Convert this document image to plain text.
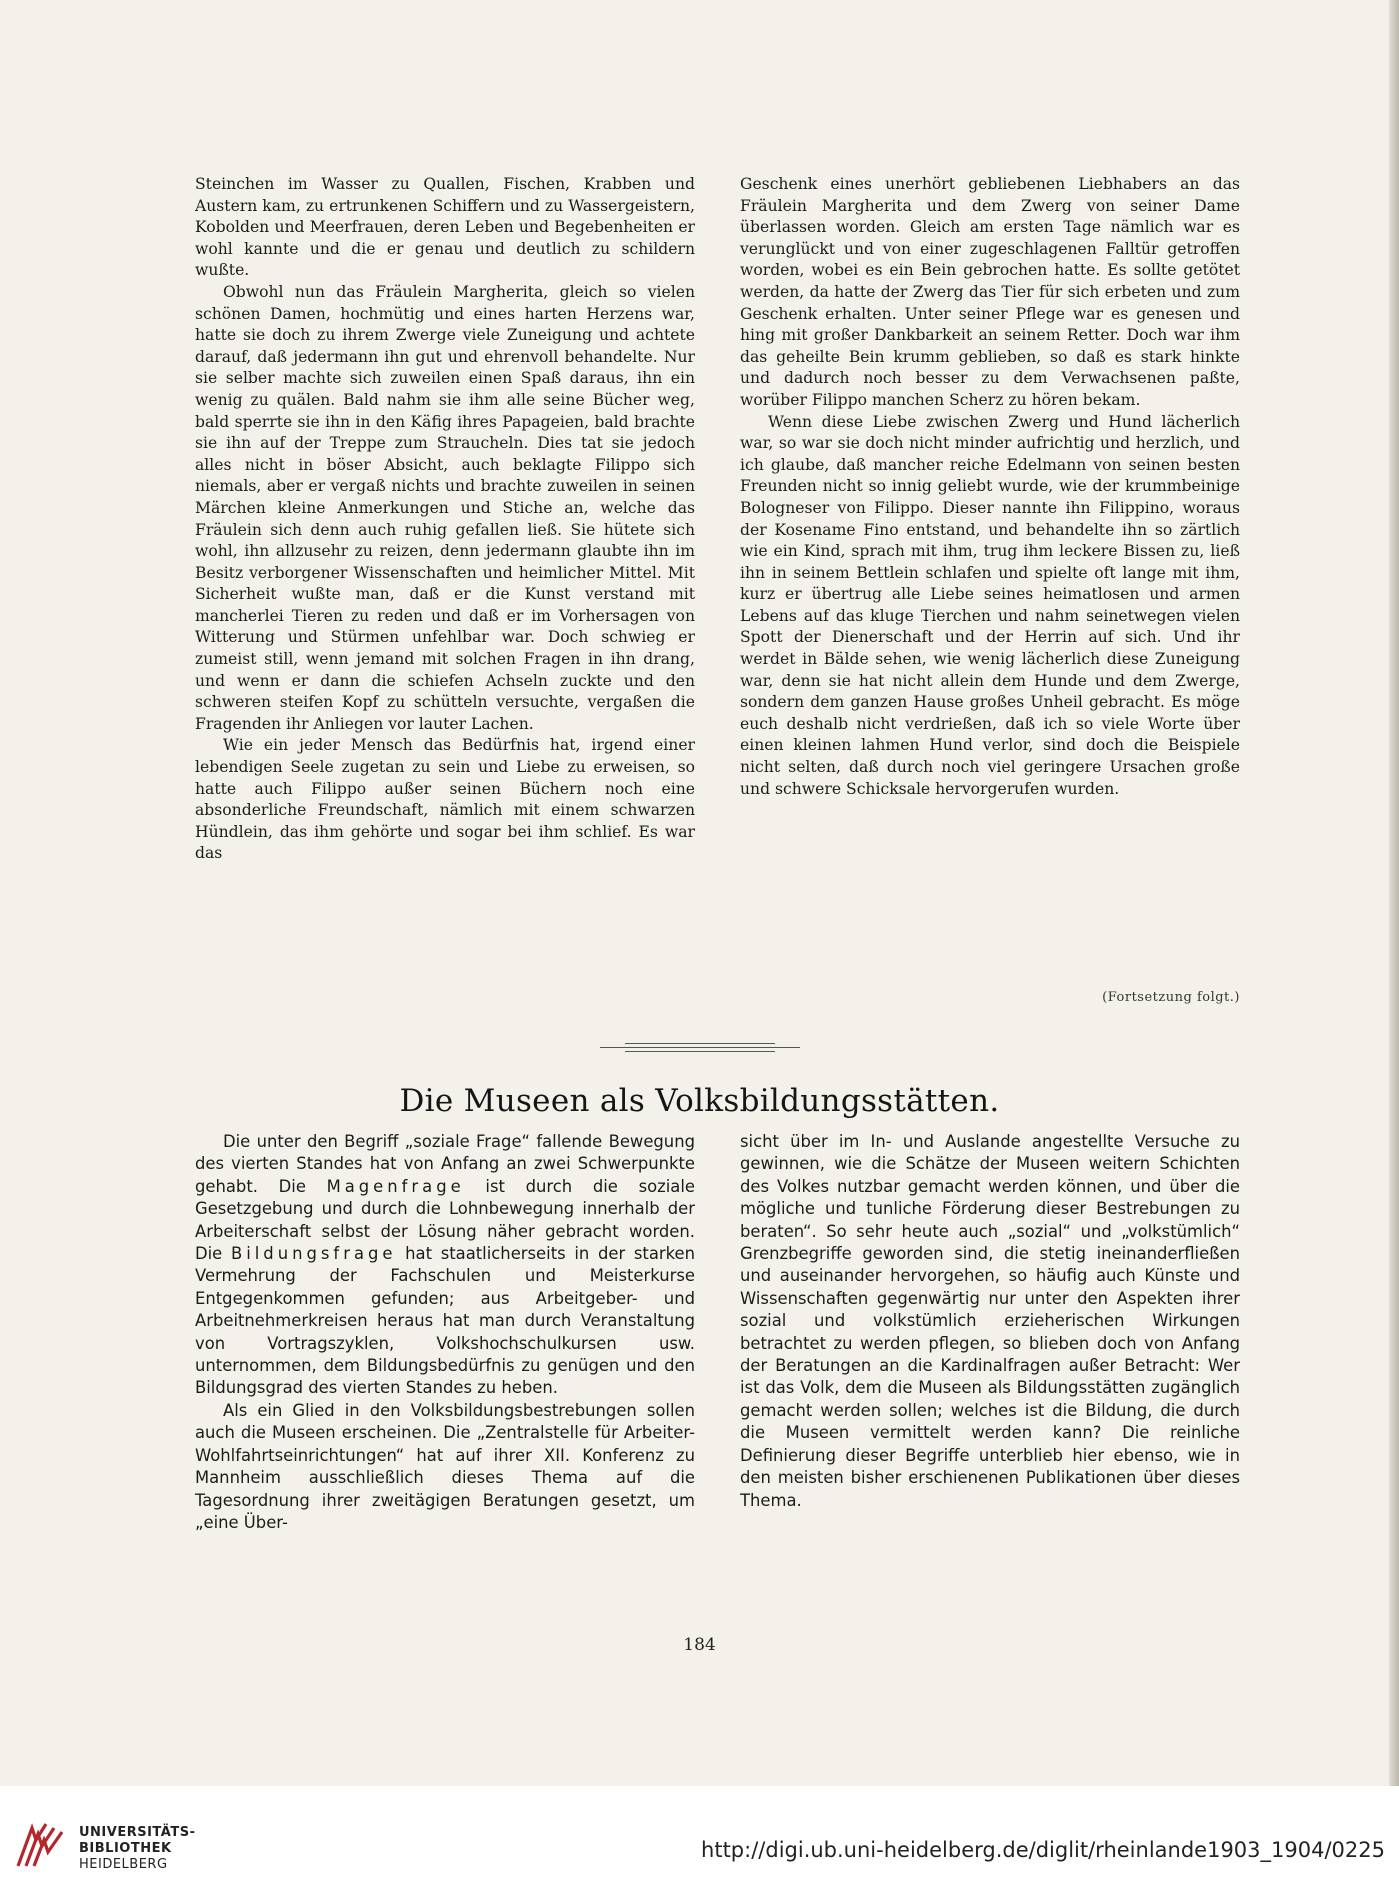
Steinchen im Wasser zu Quallen, Fischen, Krabben und Austern kam, zu ertrunkenen Schiffern und zu Wassergeistern, Koboldеn und Meerfrauen, deren Leben und Begebenheiten er wohl kannte und die er genau und deutlich zu schildern wußte.

Obwohl nun das Fräulein Margherita, gleich so vielen schönen Damen, hochmütig und eines harten Herzens war, hatte sie doch zu ihrem Zwerge viele Zuneigung und achtete darauf, daß jedermann ihn gut und ehrenvoll behandelte. Nur sie selber machte sich zuweilen einen Spaß daraus, ihn ein wenig zu quälen. Bald nahm sie ihm alle seine Bücher weg, bald sperrte sie ihn in den Käfig ihres Papageien, bald brachte sie ihn auf der Treppe zum Straucheln. Dies tat sie jedoch alles nicht in böser Absicht, auch beklagte Filippo sich niemals, aber er vergaß nichts und brachte zuweilen in seinen Märchen kleine Anmerkungen und Stiche an, welche das Fräulein sich denn auch ruhig gefallen ließ. Sie hütete sich wohl, ihn allzusehr zu reizen, denn jedermann glaubte ihn im Besitz verborgener Wissenschaften und heimlicher Mittel. Mit Sicherheit wußte man, daß er die Kunst verstand mit mancherlei Tieren zu reden und daß er im Vorhersagen von Witterung und Stürmen unfehlbar war. Doch schwieg er zumeist still, wenn jemand mit solchen Fragen in ihn drang, und wenn er dann die schiefen Achseln zuckte und den schweren steifen Kopf zu schütteln versuchte, vergaßen die Fragenden ihr Anliegen vor lauter Lachen.

Wie ein jeder Mensch das Bedürfnis hat, irgend einer lebendigen Seele zugetan zu sein und Liebe zu erweisen, so hatte auch Filippo außer seinen Büchern noch eine absonderliche Freundschaft, nämlich mit einem schwarzen Hündlein, das ihm gehörte und sogar bei ihm schlief. Es war das

Geschenk eines unerhört gebliebenen Liebhabers an das Fräulein Margherita und dem Zwerg von seiner Dame überlassen worden. Gleich am ersten Tage nämlich war es verunglückt und von einer zugeschlagenen Falltür getroffen worden, wobei es ein Bein gebrochen hatte. Es sollte getötet werden, da hatte der Zwerg das Tier für sich erbeten und zum Geschenk erhalten. Unter seiner Pflege war es genesen und hing mit großer Dankbarkeit an seinem Retter. Doch war ihm das geheilte Bein krumm geblieben, so daß es stark hinkte und dadurch noch besser zu dem Verwachsenen paßte, worüber Filippo manchen Scherz zu hören bekam.

Wenn diese Liebe zwischen Zwerg und Hund lächerlich war, so war sie doch nicht minder aufrichtig und herzlich, und ich glaube, daß mancher reiche Edelmann von seinen besten Freunden nicht so innig geliebt wurde, wie der krummbeinige Bologneser von Filippo. Dieser nannte ihn Filippino, woraus der Kosename Fino entstand, und behandelte ihn so zärtlich wie ein Kind, sprach mit ihm, trug ihm leckere Bissen zu, ließ ihn in seinem Bettlein schlafen und spielte oft lange mit ihm, kurz er übertrug alle Liebe seines heimatlosen und armen Lebens auf das kluge Tierchen und nahm seinetwegen vielen Spott der Dienerschaft und der Herrin auf sich. Und ihr werdet in Bälde sehen, wie wenig lächerlich diese Zuneigung war, denn sie hat nicht allein dem Hunde und dem Zwerge, sondern dem ganzen Hause großes Unheil gebracht. Es möge euch deshalb nicht verdrießen, daß ich so viele Worte über einen kleinen lahmen Hund verlor, sind doch die Beispiele nicht selten, daß durch noch viel geringere Ursachen große und schwere Schicksale hervorgerufen wurden.

(Fortsetzung folgt.)
Die Museen als Volksbildungsstätten.

Die unter den Begriff „soziale Frage“ fallende Bewegung des vierten Standes hat von Anfang an zwei Schwerpunkte gehabt. Die Magenfrage ist durch die soziale Gesetzgebung und durch die Lohnbewegung innerhalb der Arbeiterschaft selbst der Lösung näher gebracht worden. Die Bildungsfrage hat staatlicherseits in der starken Vermehrung der Fachschulen und Meisterkurse Entgegenkommen gefunden; aus Arbeitgeber- und Arbeitnehmerkreisen heraus hat man durch Veranstaltung von Vortragszyklen, Volkshochschulkursen usw. unternommen, dem Bildungsbedürfnis zu genügen und den Bildungsgrad des vierten Standes zu heben.

Als ein Glied in den Volksbildungsbestrebungen sollen auch die Museen erscheinen. Die „Zentralstelle für Arbeiter-Wohlfahrtseinrichtungen“ hat auf ihrer XII. Konferenz zu Mannheim ausschließlich dieses Thema auf die Tagesordnung ihrer zweitägigen Beratungen gesetzt, um „eine Über-

sicht über im In- und Auslande angestellte Versuche zu gewinnen, wie die Schätze der Museen weitern Schichten des Volkes nutzbar gemacht werden können, und über die mögliche und tunliche Förderung dieser Bestrebungen zu beraten“. So sehr heute auch „sozial“ und „volkstümlich“ Grenzbegriffe geworden sind, die stetig ineinanderfließen und auseinander hervorgehen, so häufig auch Künste und Wissenschaften gegenwärtig nur unter den Aspekten ihrer sozial und volkstümlich erzieherischen Wirkungen betrachtet zu werden pflegen, so blieben doch von Anfang der Beratungen an die Kardinalfragen außer Betracht: Wer ist das Volk, dem die Museen als Bildungsstätten zugänglich gemacht werden sollen; welches ist die Bildung, die durch die Museen vermittelt werden kann? Die reinliche Definierung dieser Begriffe unterblieb hier ebenso, wie in den meisten bisher erschienenen Publikationen über dieses Thema.

184
UNIVERSITÄTS-
BIBLIOTHEK
HEIDELBERG
http://digi.ub.uni-heidelberg.de/diglit/rheinlande1903_1904/0225
